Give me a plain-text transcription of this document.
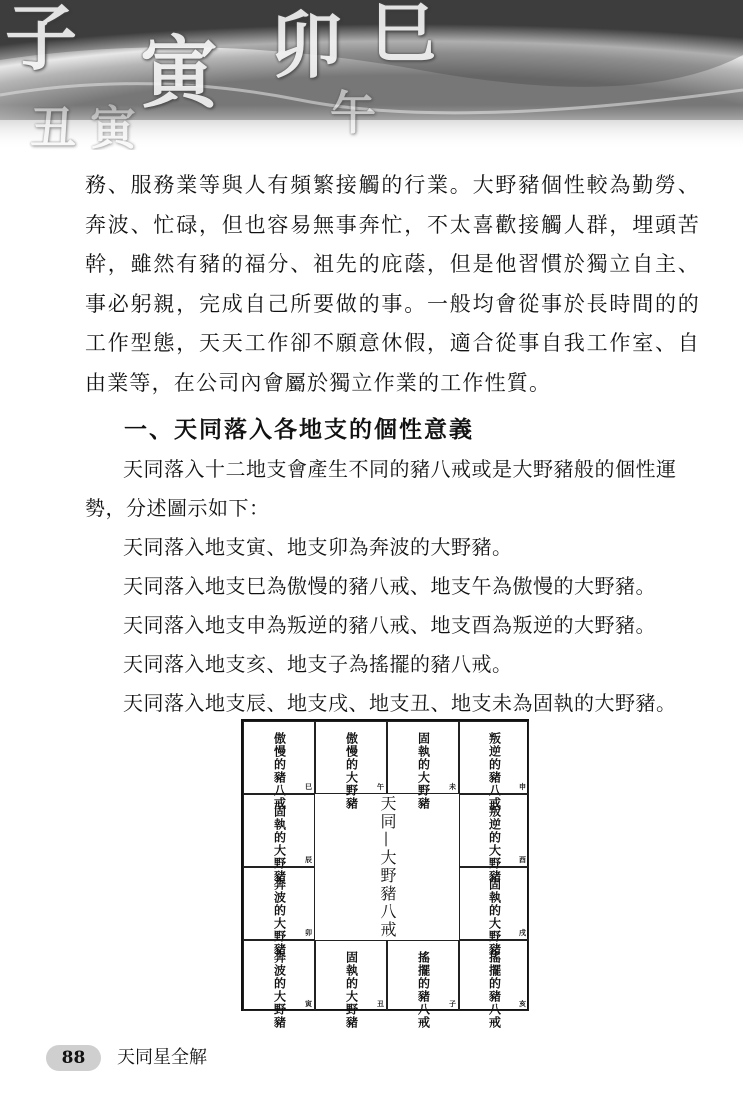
子 寅 卯 巳
丑 寅	午
務、服務業等與人有頻繁接觸的行業。大野豬個性較為勤勞、奔波、忙碌，但也容易無事奔忙，不太喜歡接觸人群，埋頭苦幹，雖然有豬的福分、祖先的庇蔭，但是他習慣於獨立自主、事必躬親，完成自己所要做的事。一般均會從事於長時間的的工作型態，天天工作卻不願意休假，適合從事自我工作室、自由業等，在公司內會屬於獨立作業的工作性質。
一、天同落入各地支的個性意義

天同落入十二地支會產生不同的豬八戒或是大野豬般的個性運勢，分述圖示如下：

天同落入地支寅、地支卯為奔波的大野豬。

天同落入地支巳為傲慢的豬八戒、地支午為傲慢的大野豬。

天同落入地支申為叛逆的豬八戒、地支酉為叛逆的大野豬。

天同落入地支亥、地支子為搖擺的豬八戒。

天同落入地支辰、地支戌、地支丑、地支未為固執的大野豬。

傲慢的豬八戒	巳	傲慢的大野豬	午	固執的大野豬	未	叛逆的豬八戒	申
固執的大野豬	辰	叛逆的大野豬	酉
奔波的大野豬	卯	固執的大野豬	戌
奔波的大野豬	寅	固執的大野豬	丑	搖擺的豬八戒	子	搖擺的豬八戒	亥
天同—大野豬八戒
88	天同星全解
